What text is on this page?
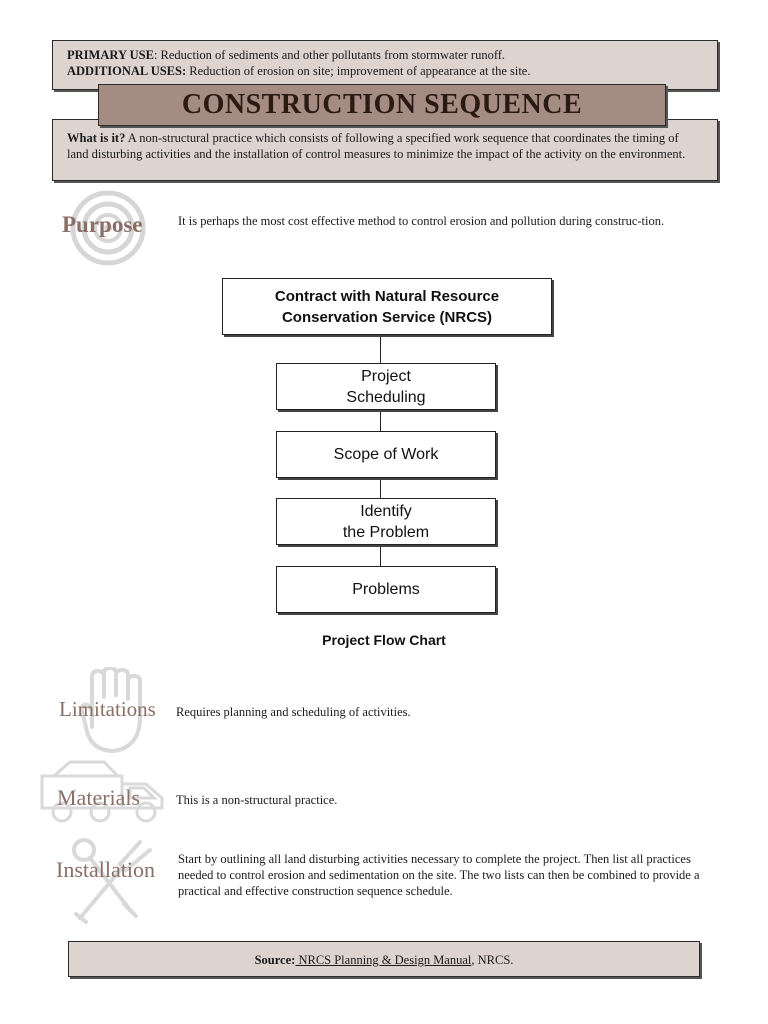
PRIMARY USE: Reduction of sediments and other pollutants from stormwater runoff.
ADDITIONAL USES: Reduction of erosion on site; improvement of appearance at the site.
What is it? A non-structural practice which consists of following a specified work sequence that coordinates the timing of land disturbing activities and the installation of control measures to minimize the impact of the activity on the environment.
CONSTRUCTION SEQUENCE
Purpose	It is perhaps the most cost effective method to control erosion and pollution during construc-tion.
Contract with Natural Resource
Conservation Service (NRCS)
Project
Scheduling
Scope of Work
Identify
the Problem
Problems
Project Flow Chart
Limitations Requires planning and scheduling of activities.
Materials	This is a non-structural practice.
Installation Start by outlining all land disturbing activities necessary to complete the project. Then list all practices needed to control erosion and sedimentation on the site. The two lists can then be combined to provide a practical and effective construction sequence schedule.
Source: NRCS Planning & Design Manual, NRCS.
